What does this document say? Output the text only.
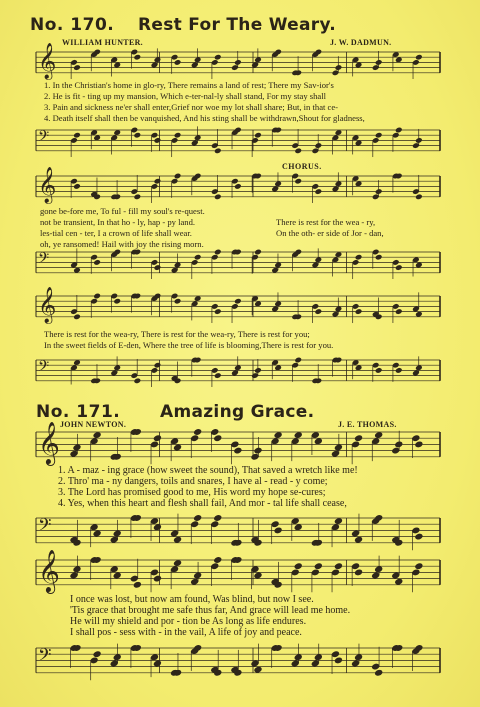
No. 170. Rest For The Weary.
WILLIAM HUNTER.	J. W. DADMUN.
1. In the Christian's home in glo-ry, There remains a land of rest; There my Sav-ior's
2. He is fit - ting up my mansion, Which e-ter-nal-ly shall stand, For my stay shall
3. Pain and sickness ne'er shall enter,Grief nor woe my lot shall share; But, in that ce-
4. Death itself shall then be vanquished, And his sting shall be withdrawn,Shout for gladness,
CHORUS.
gone be-fore me, To ful - fill my soul's re-quest.
not be transient, In that ho - ly, hap - py land.
les-tial cen - ter, I a crown of life shall wear.
oh, ye ransomed! Hail with joy the rising morn.
There is rest for the wea - ry,
On the oth- er side of Jor - dan,
There is rest for the wea-ry, There is rest for the wea-ry, There is rest for you;
In the sweet fields of E-den, Where the tree of life is blooming,There is rest for you.
No. 171. Amazing Grace.
JOHN NEWTON.	J. E. THOMAS.
1. A - maz - ing grace (how sweet the sound), That saved a wretch like me!
2. Thro' ma - ny dangers, toils and snares, I have al - read - y come;
3. The Lord has promised good to me, His word my hope se-cures;
4. Yes, when this heart and flesh shall fail, And mor - tal life shall cease,
I once was lost, but now am found, Was blind, but now I see.
'Tis grace that brought me safe thus far, And grace will lead me home.
He will my shield and por - tion be As long as life endures.
I shall pos - sess with - in the vail, A life of joy and peace.
𝄞
𝄢
𝄞
𝄢
𝄞
𝄢
𝄞
𝄢
𝄞
𝄢
